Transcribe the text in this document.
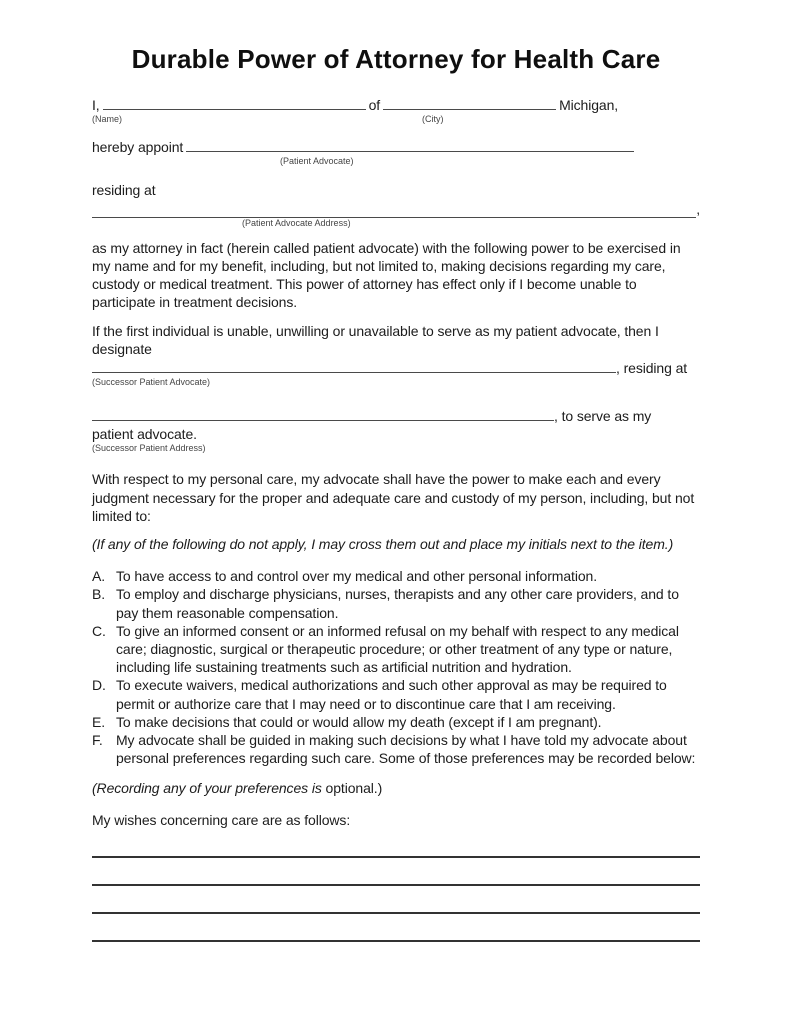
Durable Power of Attorney for Health Care
I,	of	Michigan,
(Name)	(City)
hereby appoint
(Patient Advocate)
residing at
,
(Patient Advocate Address)

as my attorney in fact (herein called patient advocate) with the following power to be exercised in my name and for my benefit, including, but not limited to, making decisions regarding my care, custody or medical treatment. This power of attorney has effect only if I become unable to participate in treatment decisions.

If the first individual is unable, unwilling or unavailable to serve as my patient advocate, then I designate

, residing at
(Successor Patient Advocate)
, to serve as my
patient advocate.
(Successor Patient Address)

With respect to my personal care, my advocate shall have the power to make each and every judgment necessary for the proper and adequate care and custody of my person, including, but not limited to:

(If any of the following do not apply, I may cross them out and place my initials next to the item.)

A. To have access to and control over my medical and other personal information.
B. To employ and discharge physicians, nurses, therapists and any other care providers, and to pay them reasonable compensation.
C. To give an informed consent or an informed refusal on my behalf with respect to any medical care; diagnostic, surgical or therapeutic procedure; or other treatment of any type or nature, including life sustaining treatments such as artificial nutrition and hydration.
D. To execute waivers, medical authorizations and such other approval as may be required to permit or authorize care that I may need or to discontinue care that I am receiving.
E. To make decisions that could or would allow my death (except if I am pregnant).
F. My advocate shall be guided in making such decisions by what I have told my advocate about personal preferences regarding such care. Some of those preferences may be recorded below:

(Recording any of your preferences is optional.)

My wishes concerning care are as follows:
